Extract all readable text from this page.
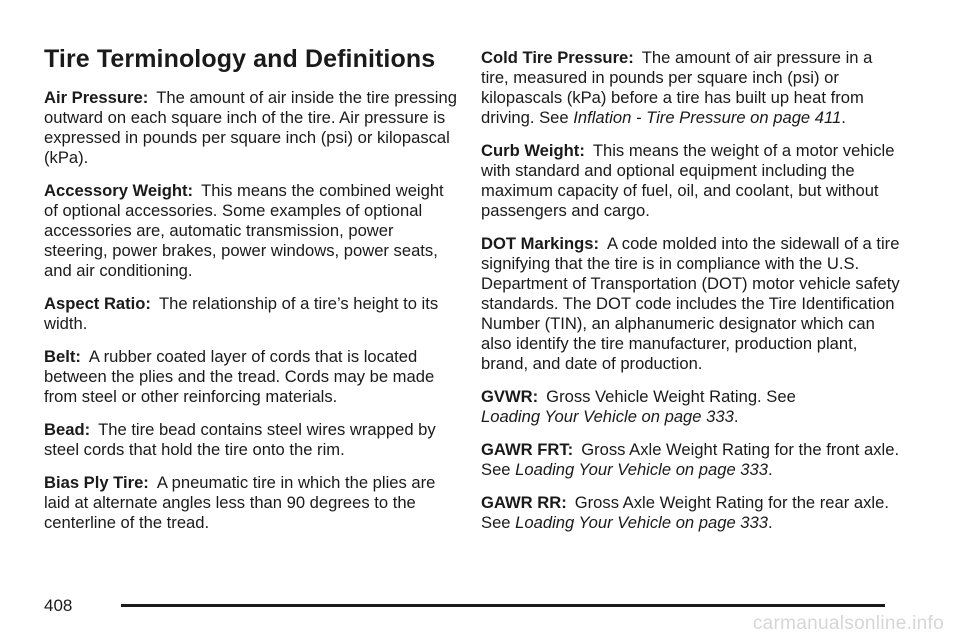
Tire Terminology and Definitions

Air Pressure: The amount of air inside the tire pressing outward on each square inch of the tire. Air pressure is expressed in pounds per square inch (psi) or kilopascal (kPa).

Accessory Weight: This means the combined weight of optional accessories. Some examples of optional accessories are, automatic transmission, power steering, power brakes, power windows, power seats, and air conditioning.

Aspect Ratio: The relationship of a tire’s height to its width.

Belt: A rubber coated layer of cords that is located between the plies and the tread. Cords may be made from steel or other reinforcing materials.

Bead: The tire bead contains steel wires wrapped by steel cords that hold the tire onto the rim.

Bias Ply Tire: A pneumatic tire in which the plies are laid at alternate angles less than 90 degrees to the centerline of the tread.

Cold Tire Pressure: The amount of air pressure in a tire, measured in pounds per square inch (psi) or kilopascals (kPa) before a tire has built up heat from driving. See Inflation - Tire Pressure on page 411.

Curb Weight: This means the weight of a motor vehicle with standard and optional equipment including the maximum capacity of fuel, oil, and coolant, but without passengers and cargo.

DOT Markings: A code molded into the sidewall of a tire signifying that the tire is in compliance with the U.S. Department of Transportation (DOT) motor vehicle safety standards. The DOT code includes the Tire Identification Number (TIN), an alphanumeric designator which can also identify the tire manufacturer, production plant, brand, and date of production.

GVWR: Gross Vehicle Weight Rating. See
Loading Your Vehicle on page 333.

GAWR FRT: Gross Axle Weight Rating for the front axle. See Loading Your Vehicle on page 333.

GAWR RR: Gross Axle Weight Rating for the rear axle. See Loading Your Vehicle on page 333.

408
carmanualsonline.info
